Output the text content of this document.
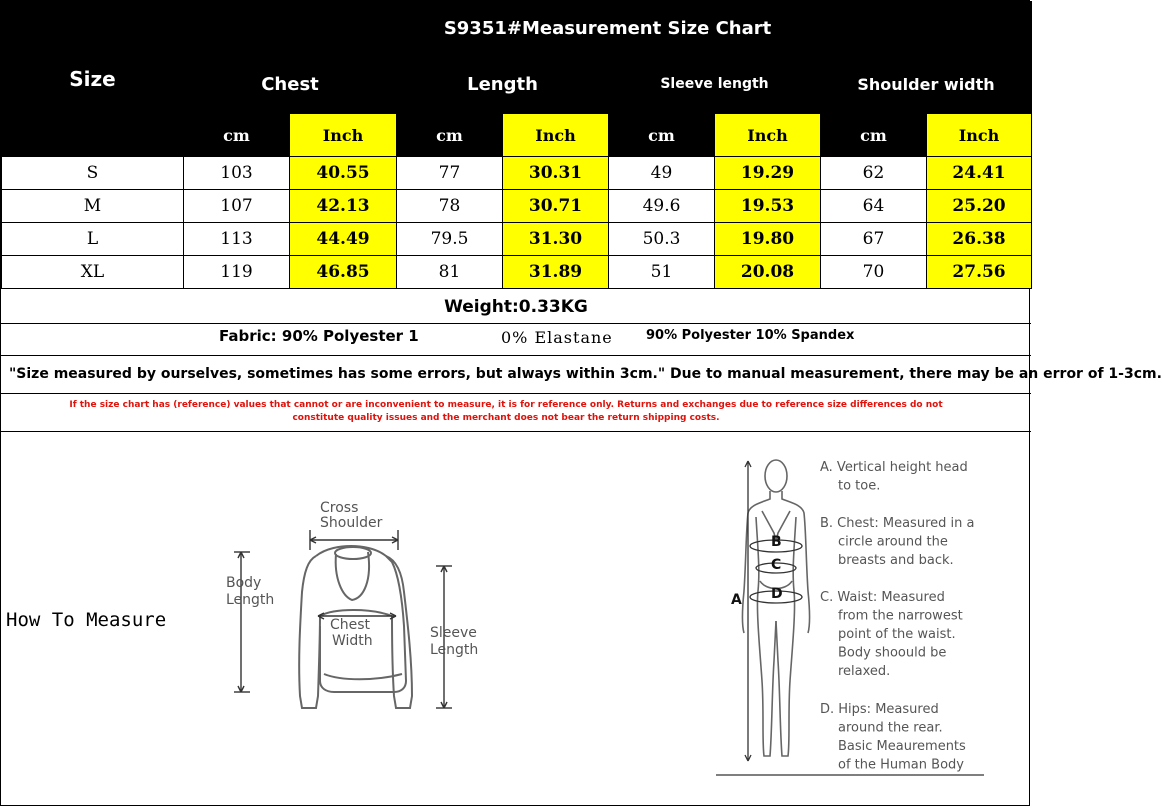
Size	S9351#Measurement Size Chart							
	Chest		Length		Sleeve length		Shoulder width	
	cm	Inch	cm	Inch	cm	Inch	cm	Inch
S	103	40.55	77	30.31	49	19.29	62	24.41
M	107	42.13	78	30.71	49.6	19.53	64	25.20
L	113	44.49	79.5	31.30	50.3	19.80	67	26.38
XL	119	46.85	81	31.89	51	20.08	70	27.56
Weight:0.33KG
Fabric: 90% Polyester 1	0% Elastane	90% Polyester 10% Spandex
"Size measured by ourselves, sometimes has some errors, but always within 3cm." Due to manual measurement, there may be an error of 1-3cm.
If the size chart has (reference) values that cannot or are inconvenient to measure, it is for reference only. Returns and exchanges due to reference size differences do not
constitute quality issues and the merchant does not bear the return shipping costs.
How To Measure
Cross
Shoulder
Body
Length
Chest
Width	Sleeve
Length
A
B
C
D
A. Vertical height head
to toe.
B. Chest: Measured in a
circle around the
breasts and back.
C. Waist: Measured
from the narrowest
point of the waist.
Body shoould be
relaxed.
D. Hips: Measured
around the rear.
Basic Meaurements
of the Human Body
